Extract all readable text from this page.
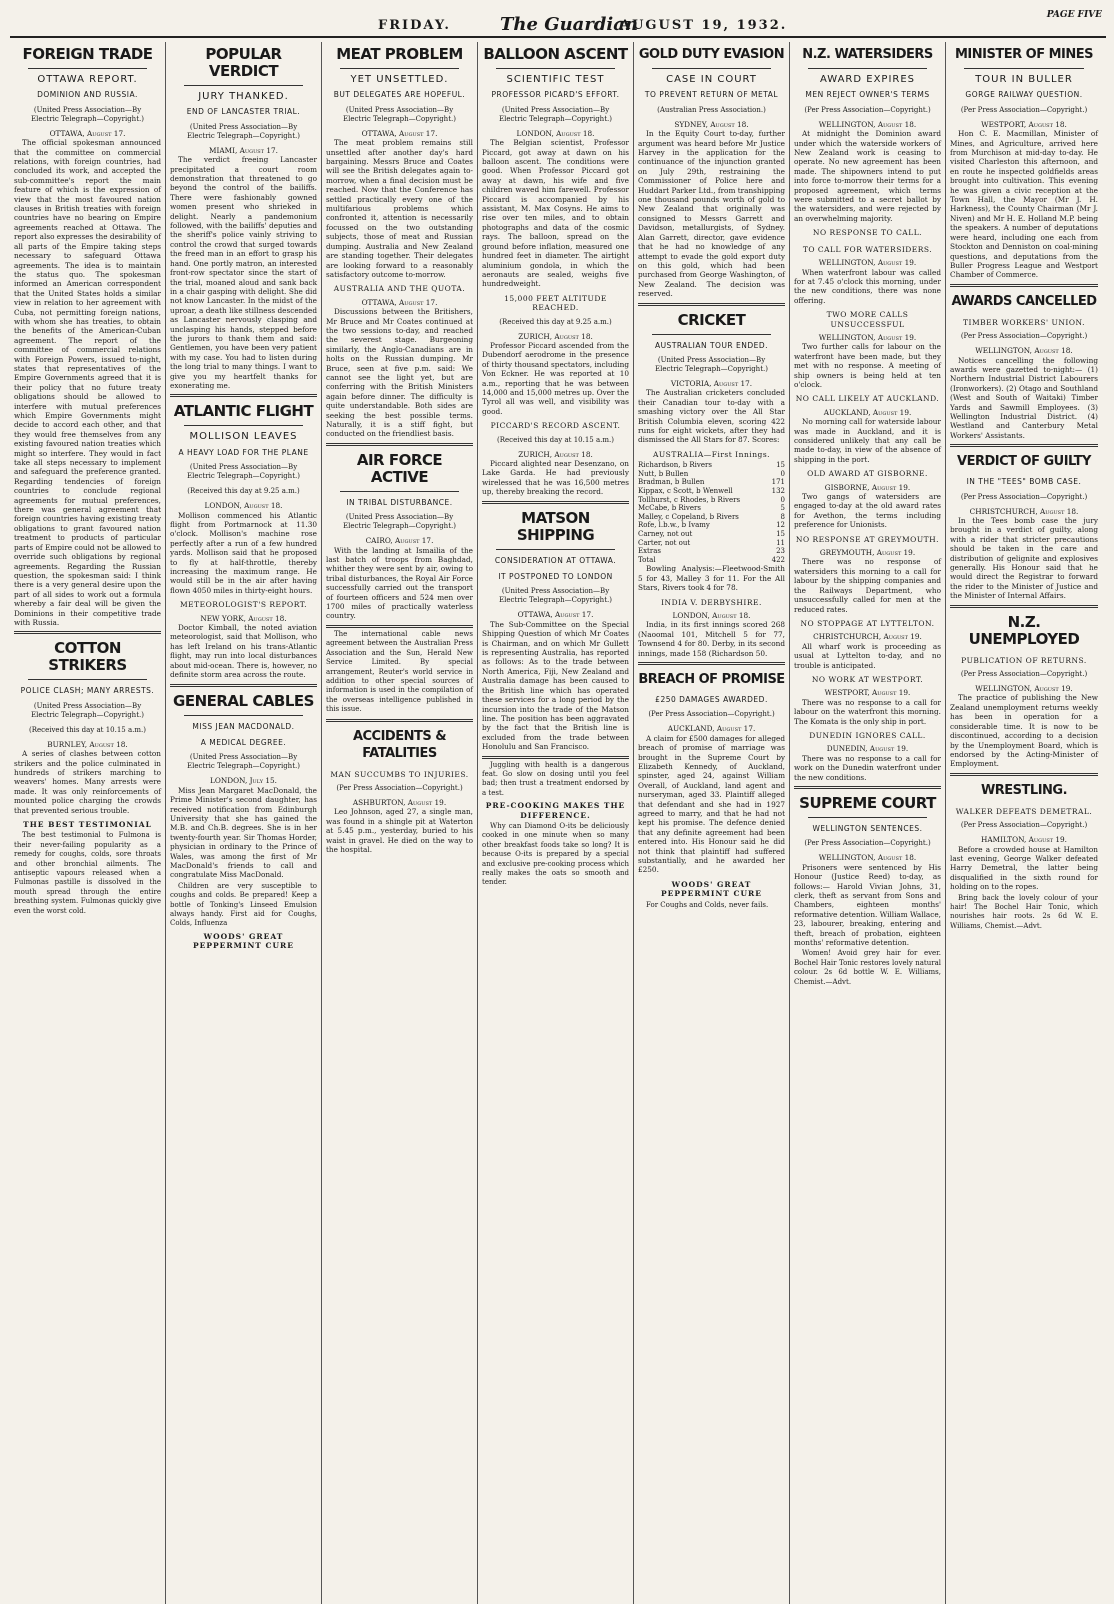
FRIDAY.	The Guardian
AUGUST 19, 1932.
PAGE FIVE
FOREIGN TRADE
OTTAWA REPORT.
DOMINION AND RUSSIA.
(United Press Association—By Electric Telegraph—Copyright.)
OTTAWA, August 17.

The official spokesman announced that the committee on commercial relations, with foreign countries, had concluded its work, and accepted the sub-committee's report the main feature of which is the expression of view that the most favoured nation clauses in British treaties with foreign countries have no bearing on Empire agreements reached at Ottawa. The report also expresses the desirability of all parts of the Empire taking steps necessary to safeguard Ottawa agreements. The idea is to maintain the status quo. The spokesman informed an American correspondent that the United States holds a similar view in relation to her agreement with Cuba, not permitting foreign nations, with whom she has treaties, to obtain the benefits of the American-Cuban agreement. The report of the committee of commercial relations with Foreign Powers, issued to-night, states that representatives of the Empire Governments agreed that it is their policy that no future treaty obligations should be allowed to interfere with mutual preferences which Empire Governments might decide to accord each other, and that they would free themselves from any existing favoured nation treaties which might so interfere. They would in fact take all steps necessary to implement and safeguard the preference granted. Regarding tendencies of foreign countries to conclude regional agreements for mutual preferences, there was general agreement that foreign countries having existing treaty obligations to grant favoured nation treatment to products of particular parts of Empire could not be allowed to override such obligations by regional agreements. Regarding the Russian question, the spokesman said: I think there is a very general desire upon the part of all sides to work out a formula whereby a fair deal will be given the Dominions in their competitive trade with Russia.

COTTON STRIKERS
POLICE CLASH; MANY ARRESTS.
(United Press Association—By Electric Telegraph—Copyright.)
(Received this day at 10.15 a.m.)
BURNLEY, August 18.

A series of clashes between cotton strikers and the police culminated in hundreds of strikers marching to weavers' homes. Many arrests were made. It was only reinforcements of mounted police charging the crowds that prevented serious trouble.

THE BEST TESTIMONIAL

The best testimonial to Fulmona is their never-failing popularity as a remedy for coughs, colds, sore throats and other bronchial ailments. The antiseptic vapours released when a Fulmonas pastille is dissolved in the mouth spread through the entire breathing system. Fulmonas quickly give even the worst cold.

POPULAR VERDICT
JURY THANKED.
END OF LANCASTER TRIAL.
(United Press Association—By Electric Telegraph—Copyright.)
MIAMI, August 17.

The verdict freeing Lancaster precipitated a court room demonstration that threatened to go beyond the control of the bailiffs. There were fashionably gowned women present who shrieked in delight. Nearly a pandemonium followed, with the bailiffs' deputies and the sheriff's police vainly striving to control the crowd that surged towards the freed man in an effort to grasp his hand. One portly matron, an interested front-row spectator since the start of the trial, moaned aloud and sank back in a chair gasping with delight. She did not know Lancaster. In the midst of the uproar, a death like stillness descended as Lancaster nervously clasping and unclasping his hands, stepped before the jurors to thank them and said: Gentlemen, you have been very patient with my case. You had to listen during the long trial to many things. I want to give you my heartfelt thanks for exonerating me.

ATLANTIC FLIGHT
MOLLISON LEAVES
A HEAVY LOAD FOR THE PLANE
(United Press Association—By Electric Telegraph—Copyright.)
(Received this day at 9.25 a.m.)
LONDON, August 18.

Mollison commenced his Atlantic flight from Portmarnock at 11.30 o'clock. Mollison's machine rose perfectly after a run of a few hundred yards. Mollison said that he proposed to fly at half-throttle, thereby increasing the maximum range. He would still be in the air after having flown 4050 miles in thirty-eight hours.

METEOROLOGIST'S REPORT.
NEW YORK, August 18.

Doctor Kimball, the noted aviation meteorologist, said that Mollison, who has left Ireland on his trans-Atlantic flight, may run into local disturbances about mid-ocean. There is, however, no definite storm area across the route.

GENERAL CABLES
MISS JEAN MACDONALD.
A MEDICAL DEGREE.
(United Press Association—By Electric Telegraph—Copyright.)
LONDON, July 15.

Miss Jean Margaret MacDonald, the Prime Minister's second daughter, has received notification from Edinburgh University that she has gained the M.B. and Ch.B. degrees. She is in her twenty-fourth year. Sir Thomas Horder, physician in ordinary to the Prince of Wales, was among the first of Mr MacDonald's friends to call and congratulate Miss MacDonald.

Children are very susceptible to coughs and colds. Be prepared! Keep a bottle of Tonking's Linseed Emulsion always handy. First aid for Coughs, Colds, Influenza

WOODS' GREAT PEPPERMINT CURE
MEAT PROBLEM
YET UNSETTLED.
BUT DELEGATES ARE HOPEFUL.
(United Press Association—By Electric Telegraph—Copyright.)
OTTAWA, August 17.

The meat problem remains still unsettled after another day's hard bargaining. Messrs Bruce and Coates will see the British delegates again to-morrow, when a final decision must be reached. Now that the Conference has settled practically every one of the multifarious problems which confronted it, attention is necessarily focussed on the two outstanding subjects, those of meat and Russian dumping. Australia and New Zealand are standing together. Their delegates are looking forward to a reasonably satisfactory outcome to-morrow.

AUSTRALIA AND THE QUOTA.
OTTAWA, August 17.

Discussions between the Britishers, Mr Bruce and Mr Coates continued at the two sessions to-day, and reached the severest stage. Burgeoning similarly, the Anglo-Canadians are in holts on the Russian dumping. Mr Bruce, seen at five p.m. said: We cannot see the light yet, but are conferring with the British Ministers again before dinner. The difficulty is quite understandable. Both sides are seeking the best possible terms. Naturally, it is a stiff fight, but conducted on the friendliest basis.

AIR FORCE ACTIVE
IN TRIBAL DISTURBANCE.
(United Press Association—By Electric Telegraph—Copyright.)
CAIRO, August 17.

With the landing at Ismailia of the last batch of troops from Baghdad, whither they were sent by air, owing to tribal disturbances, the Royal Air Force successfully carried out the transport of fourteen officers and 524 men over 1700 miles of practically waterless country.

The international cable news agreement between the Australian Press Association and the Sun, Herald New Service Limited. By special arrangement, Reuter's world service in addition to other special sources of information is used in the compilation of the overseas intelligence published in this issue.

ACCIDENTS & FATALITIES
MAN SUCCUMBS TO INJURIES.
(Per Press Association—Copyright.)
ASHBURTON, August 19.

Leo Johnson, aged 27, a single man, was found in a shingle pit at Waterton at 5.45 p.m., yesterday, buried to his waist in gravel. He died on the way to the hospital.

BALLOON ASCENT
SCIENTIFIC TEST
PROFESSOR PICARD'S EFFORT.
(United Press Association—By Electric Telegraph—Copyright.)
LONDON, August 18.

The Belgian scientist, Professor Piccard, got away at dawn on his balloon ascent. The conditions were good. When Professor Piccard got away at dawn, his wife and five children waved him farewell. Professor Piccard is accompanied by his assistant, M. Max Cosyns. He aims to rise over ten miles, and to obtain photographs and data of the cosmic rays. The balloon, spread on the ground before inflation, measured one hundred feet in diameter. The airtight aluminium gondola, in which the aeronauts are sealed, weighs five hundredweight.

15,000 FEET ALTITUDE REACHED.
(Received this day at 9.25 a.m.)
ZURICH, August 18.

Professor Piccard ascended from the Dubendorf aerodrome in the presence of thirty thousand spectators, including Von Eckner. He was reported at 10 a.m., reporting that he was between 14,000 and 15,000 metres up. Over the Tyrol all was well, and visibility was good.

PICCARD'S RECORD ASCENT.
(Received this day at 10.15 a.m.)
ZURICH, August 18.

Piccard alighted near Desenzano, on Lake Garda. He had previously wirelessed that he was 16,500 metres up, thereby breaking the record.

MATSON SHIPPING
CONSIDERATION AT OTTAWA.
IT POSTPONED TO LONDON
(United Press Association—By Electric Telegraph—Copyright.)
OTTAWA, August 17.

The Sub-Committee on the Special Shipping Question of which Mr Coates is Chairman, and on which Mr Gullett is representing Australia, has reported as follows: As to the trade between North America, Fiji, New Zealand and Australia damage has been caused to the British line which has operated these services for a long period by the incursion into the trade of the Matson line. The position has been aggravated by the fact that the British line is excluded from the trade between Honolulu and San Francisco.

Juggling with health is a dangerous feat. Go slow on dosing until you feel bad; then trust a treatment endorsed by a test.

PRE-COOKING MAKES THE DIFFERENCE.

Why can Diamond O-its be deliciously cooked in one minute when so many other breakfast foods take so long? It is because O-its is prepared by a special and exclusive pre-cooking process which really makes the oats so smooth and tender.

GOLD DUTY EVASION
CASE IN COURT
TO PREVENT RETURN OF METAL
(Australian Press Association.)
SYDNEY, August 18.

In the Equity Court to-day, further argument was heard before Mr Justice Harvey in the application for the continuance of the injunction granted on July 29th, restraining the Commissioner of Police here and Huddart Parker Ltd., from transhipping one thousand pounds worth of gold to New Zealand that originally was consigned to Messrs Garrett and Davidson, metallurgists, of Sydney. Alan Garrett, director, gave evidence that he had no knowledge of any attempt to evade the gold export duty on this gold, which had been purchased from George Washington, of New Zealand. The decision was reserved.

CRICKET
AUSTRALIAN TOUR ENDED.
(United Press Association—By Electric Telegraph—Copyright.)
VICTORIA, August 17.

The Australian cricketers concluded their Canadian tour to-day with a smashing victory over the All Star British Columbia eleven, scoring 422 runs for eight wickets, after they had dismissed the All Stars for 87. Scores:

AUSTRALIA—First Innings.
Richardson, b Rivers	15
Nutt, b Bullen	0
Bradman, b Bullen	171
Kippax, c Scott, b Wenwell	132
Tollhurst, c Rhodes, b Rivers	0
McCabe, b Rivers	5
Malley, c Copeland, b Rivers	8
Rofe, l.b.w., b Ivamy	12
Carney, not out	15
Carter, not out	11
Extras	23
Total	422

Bowling Analysis:—Fleetwood-Smith 5 for 43, Malley 3 for 11. For the All Stars, Rivers took 4 for 78.

INDIA V. DERBYSHIRE.
LONDON, August 18.

India, in its first innings scored 268 (Naoomal 101, Mitchell 5 for 77, Townsend 4 for 80. Derby, in its second innings, made 158 (Richardson 50.

BREACH OF PROMISE
£250 DAMAGES AWARDED.
(Per Press Association—Copyright.)
AUCKLAND, August 17.

A claim for £500 damages for alleged breach of promise of marriage was brought in the Supreme Court by Elizabeth Kennedy, of Auckland, spinster, aged 24, against William Overall, of Auckland, land agent and nurseryman, aged 33. Plaintiff alleged that defendant and she had in 1927 agreed to marry, and that he had not kept his promise. The defence denied that any definite agreement had been entered into. His Honour said he did not think that plaintiff had suffered substantially, and he awarded her £250.

WOODS' GREAT PEPPERMINT CURE

For Coughs and Colds, never fails.

N.Z. WATERSIDERS
AWARD EXPIRES
MEN REJECT OWNER'S TERMS
(Per Press Association—Copyright.)
WELLINGTON, August 18.

At midnight the Dominion award under which the waterside workers of New Zealand work is ceasing to operate. No new agreement has been made. The shipowners intend to put into force to-morrow their terms for a proposed agreement, which terms were submitted to a secret ballot by the watersiders, and were rejected by an overwhelming majority.

NO RESPONSE TO CALL.
TO CALL FOR WATERSIDERS.
WELLINGTON, August 19.

When waterfront labour was called for at 7.45 o'clock this morning, under the new conditions, there was none offering.

TWO MORE CALLS UNSUCCESSFUL
WELLINGTON, August 19.

Two further calls for labour on the waterfront have been made, but they met with no response. A meeting of ship owners is being held at ten o'clock.

NO CALL LIKELY AT AUCKLAND.
AUCKLAND, August 19.

No morning call for waterside labour was made in Auckland, and it is considered unlikely that any call be made to-day, in view of the absence of shipping in the port.

OLD AWARD AT GISBORNE.
GISBORNE, August 19.

Two gangs of watersiders are engaged to-day at the old award rates for Avethon, the terms including preference for Unionists.

NO RESPONSE AT GREYMOUTH.
GREYMOUTH, August 19.

There was no response of watersiders this morning to a call for labour by the shipping companies and the Railways Department, who unsuccessfully called for men at the reduced rates.

NO STOPPAGE AT LYTTELTON.
CHRISTCHURCH, August 19.

All wharf work is proceeding as usual at Lyttelton to-day, and no trouble is anticipated.

NO WORK AT WESTPORT.
WESTPORT, August 19.

There was no response to a call for labour on the waterfront this morning. The Komata is the only ship in port.

DUNEDIN IGNORES CALL.
DUNEDIN, August 19.

There was no response to a call for work on the Dunedin waterfront under the new conditions.

SUPREME COURT
WELLINGTON SENTENCES.
(Per Press Association—Copyright.)
WELLINGTON, August 18.

Prisoners were sentenced by His Honour (Justice Reed) to-day, as follows:— Harold Vivian Johns, 31, clerk, theft as servant from Sons and Chambers, eighteen months' reformative detention. William Wallace, 23, labourer, breaking, entering and theft, breach of probation, eighteen months' reformative detention.

Women! Avoid grey hair for ever. Bochel Hair Tonic restores lovely natural colour. 2s 6d bottle W. E. Williams, Chemist.—Advt.

MINISTER OF MINES
TOUR IN BULLER
GORGE RAILWAY QUESTION.
(Per Press Association—Copyright.)
WESTPORT, August 18.

Hon C. E. Macmillan, Minister of Mines, and Agriculture, arrived here from Murchison at mid-day to-day. He visited Charleston this afternoon, and en route he inspected goldfields areas brought into cultivation. This evening he was given a civic reception at the Town Hall, the Mayor (Mr J. H. Harkness), the County Chairman (Mr J. Niven) and Mr H. E. Holland M.P. being the speakers. A number of deputations were heard, including one each from Stockton and Denniston on coal-mining questions, and deputations from the Buller Progress League and Westport Chamber of Commerce.

AWARDS CANCELLED
TIMBER WORKERS' UNION.
(Per Press Association—Copyright.)
WELLINGTON, August 18.

Notices cancelling the following awards were gazetted to-night:— (1) Northern Industrial District Labourers (Ironworkers). (2) Otago and Southland (West and South of Waitaki) Timber Yards and Sawmill Employees. (3) Wellington Industrial District. (4) Westland and Canterbury Metal Workers' Assistants.

VERDICT OF GUILTY
IN THE "TEES" BOMB CASE.
(Per Press Association—Copyright.)
CHRISTCHURCH, August 18.

In the Tees bomb case the jury brought in a verdict of guilty, along with a rider that stricter precautions should be taken in the care and distribution of gelignite and explosives generally. His Honour said that he would direct the Registrar to forward the rider to the Minister of Justice and the Minister of Internal Affairs.

N.Z. UNEMPLOYED
PUBLICATION OF RETURNS.
(Per Press Association—Copyright.)
WELLINGTON, August 19.

The practice of publishing the New Zealand unemployment returns weekly has been in operation for a considerable time. It is now to be discontinued, according to a decision by the Unemployment Board, which is endorsed by the Acting-Minister of Employment.

WRESTLING.
WALKER DEFEATS DEMETRAL.
(Per Press Association—Copyright.)
HAMILTON, August 19.

Before a crowded house at Hamilton last evening, George Walker defeated Harry Demetral, the latter being disqualified in the sixth round for holding on to the ropes.

Bring back the lovely colour of your hair! The Bochel Hair Tonic, which nourishes hair roots. 2s 6d W. E. Williams, Chemist.—Advt.
